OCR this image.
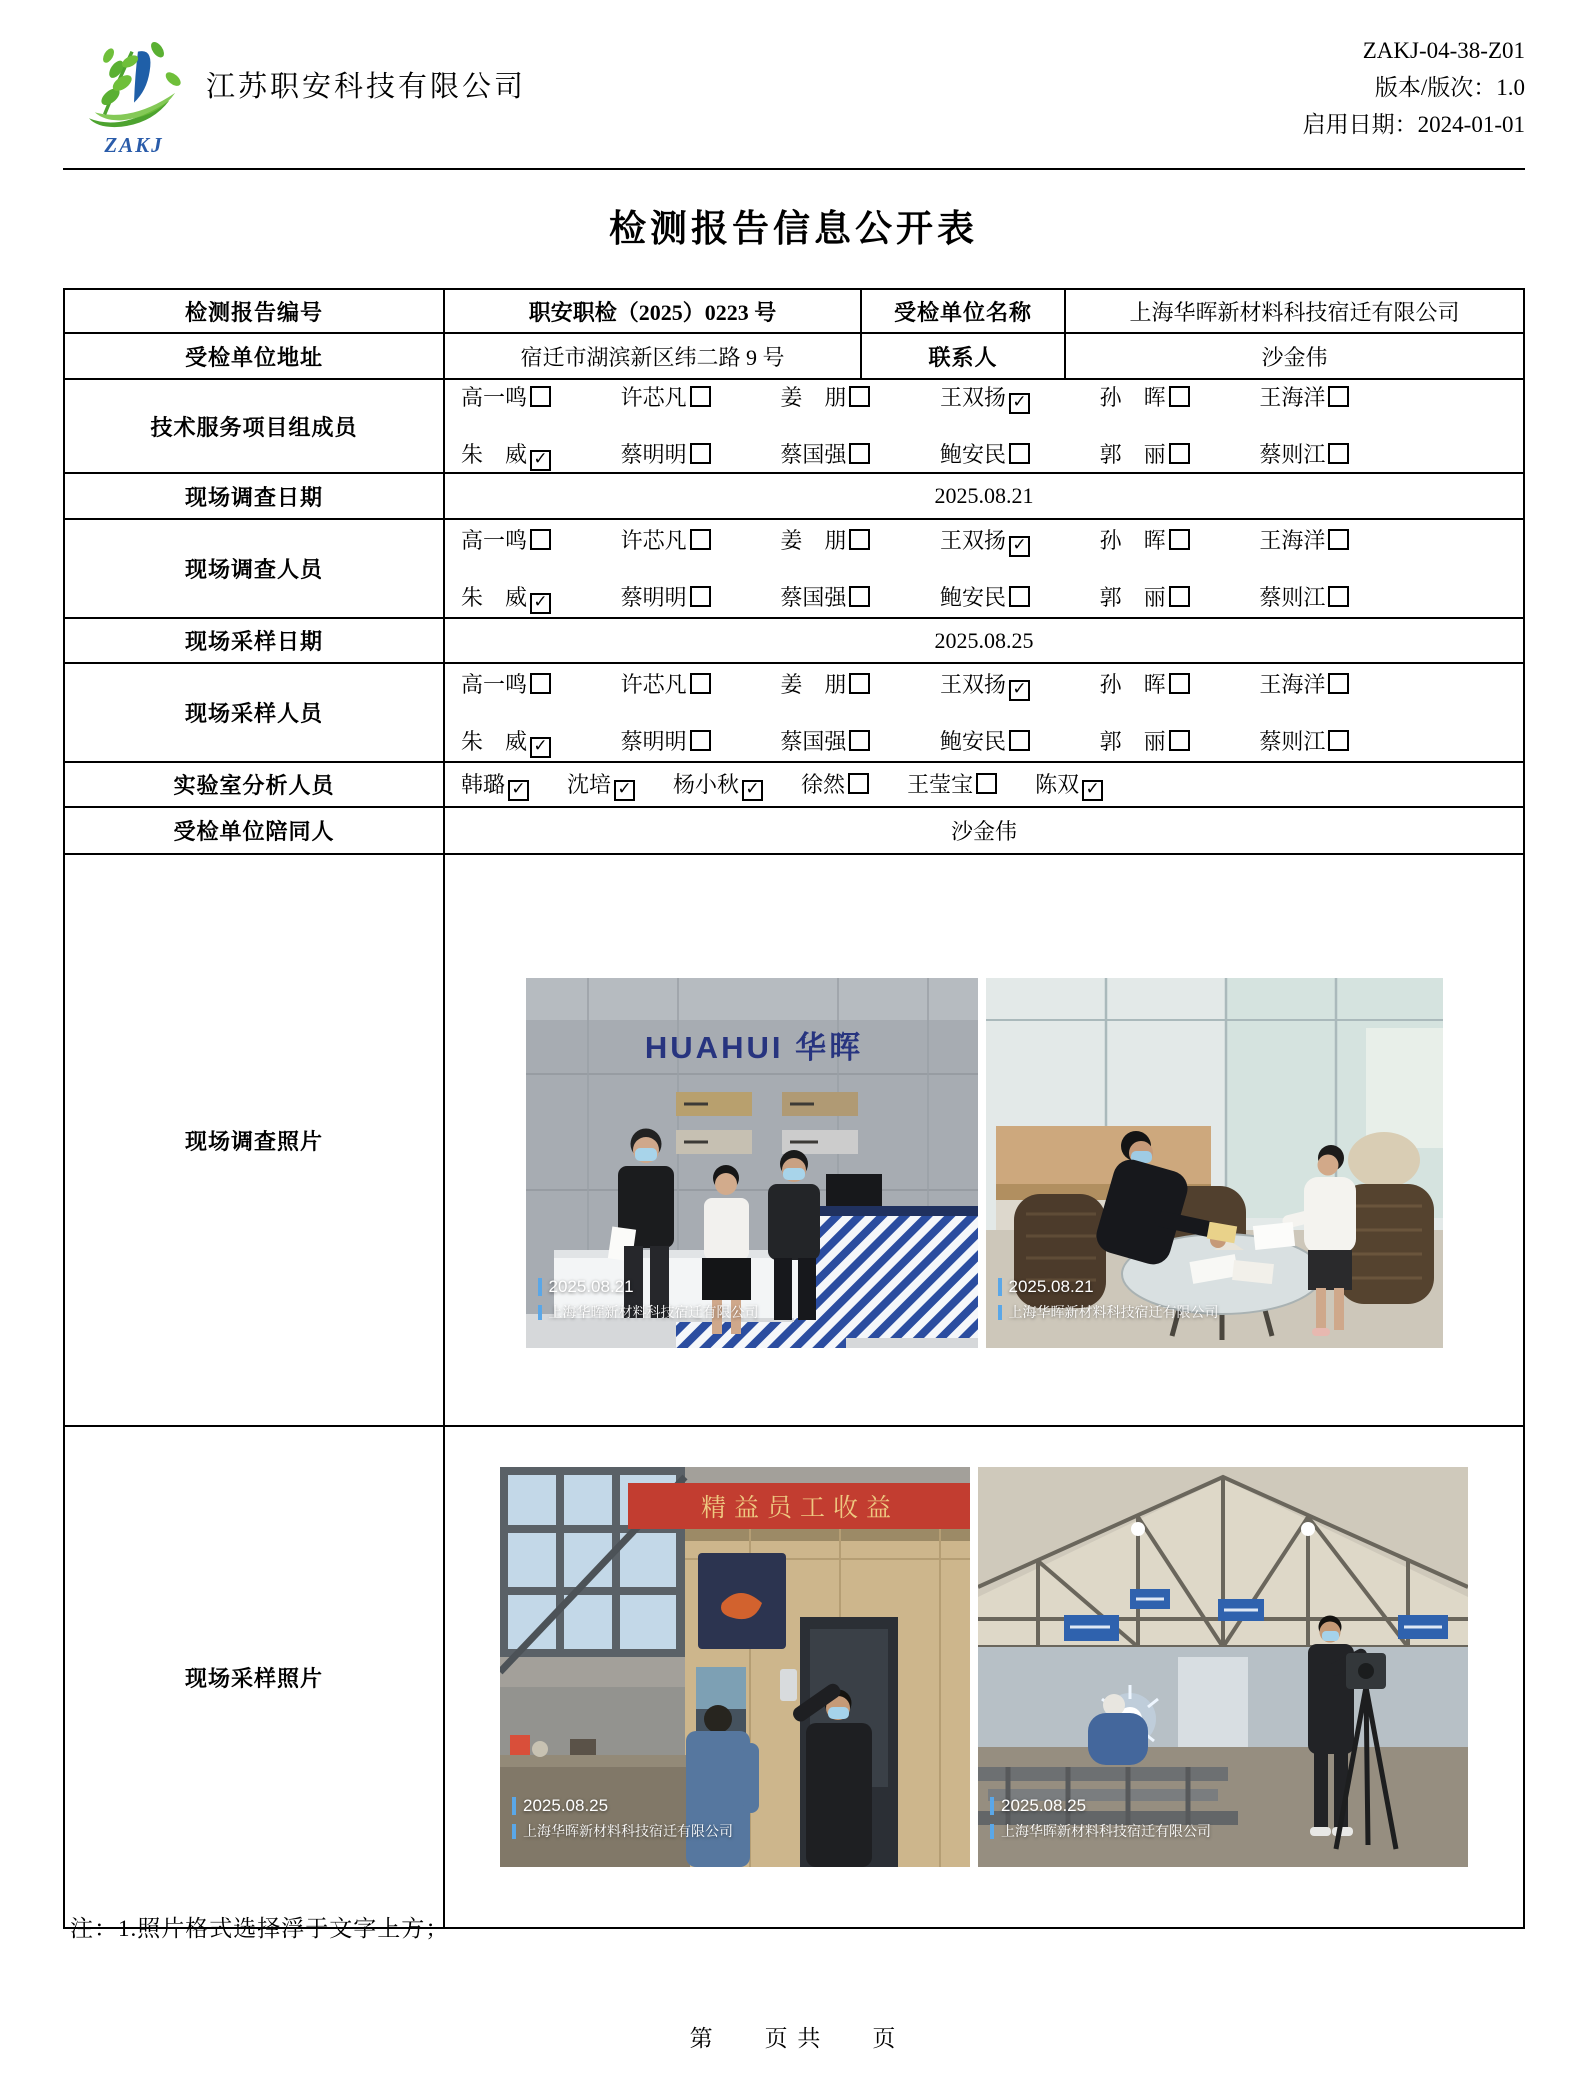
ZAKJ
江苏职安科技有限公司
ZAKJ-04-38-Z01
版本/版次：1.0
启用日期：2024-01-01
检测报告信息公开表
检测报告编号	职安职检（2025）0223 号	受检单位名称	上海华晖新材料科技宿迁有限公司
受检单位地址	宿迁市湖滨新区纬二路 9 号	联系人	沙金伟
技术服务项目组成员
高一鸣	许芯凡	姜　朋	王双扬 ✓	孙　晖	王海洋
朱　威 ✓	蔡明明	蔡国强	鲍安民	郭　丽	蔡则江
现场调查日期	2025.08.21
现场调查人员
高一鸣	许芯凡	姜　朋	王双扬 ✓	孙　晖	王海洋
朱　威 ✓	蔡明明	蔡国强	鲍安民	郭　丽	蔡则江
现场采样日期	2025.08.25
现场采样人员
高一鸣	许芯凡	姜　朋	王双扬 ✓	孙　晖	王海洋
朱　威 ✓	蔡明明	蔡国强	鲍安民	郭　丽	蔡则江
实验室分析人员	韩璐 ✓ 沈培 ✓ 杨小秋 ✓ 徐然	王莹宝	陈双 ✓
受检单位陪同人	沙金伟
现场调查照片
HUAHUI 华晖
2025.08.21
上海华晖新材料科技宿迁有限公司
2025.08.21
上海华晖新材料科技宿迁有限公司
现场采样照片
精益员工收益
2025.08.25
上海华晖新材料科技宿迁有限公司
2025.08.25
上海华晖新材料科技宿迁有限公司
注：1.照片格式选择浮于文字上方；
第　　页 共　　页
